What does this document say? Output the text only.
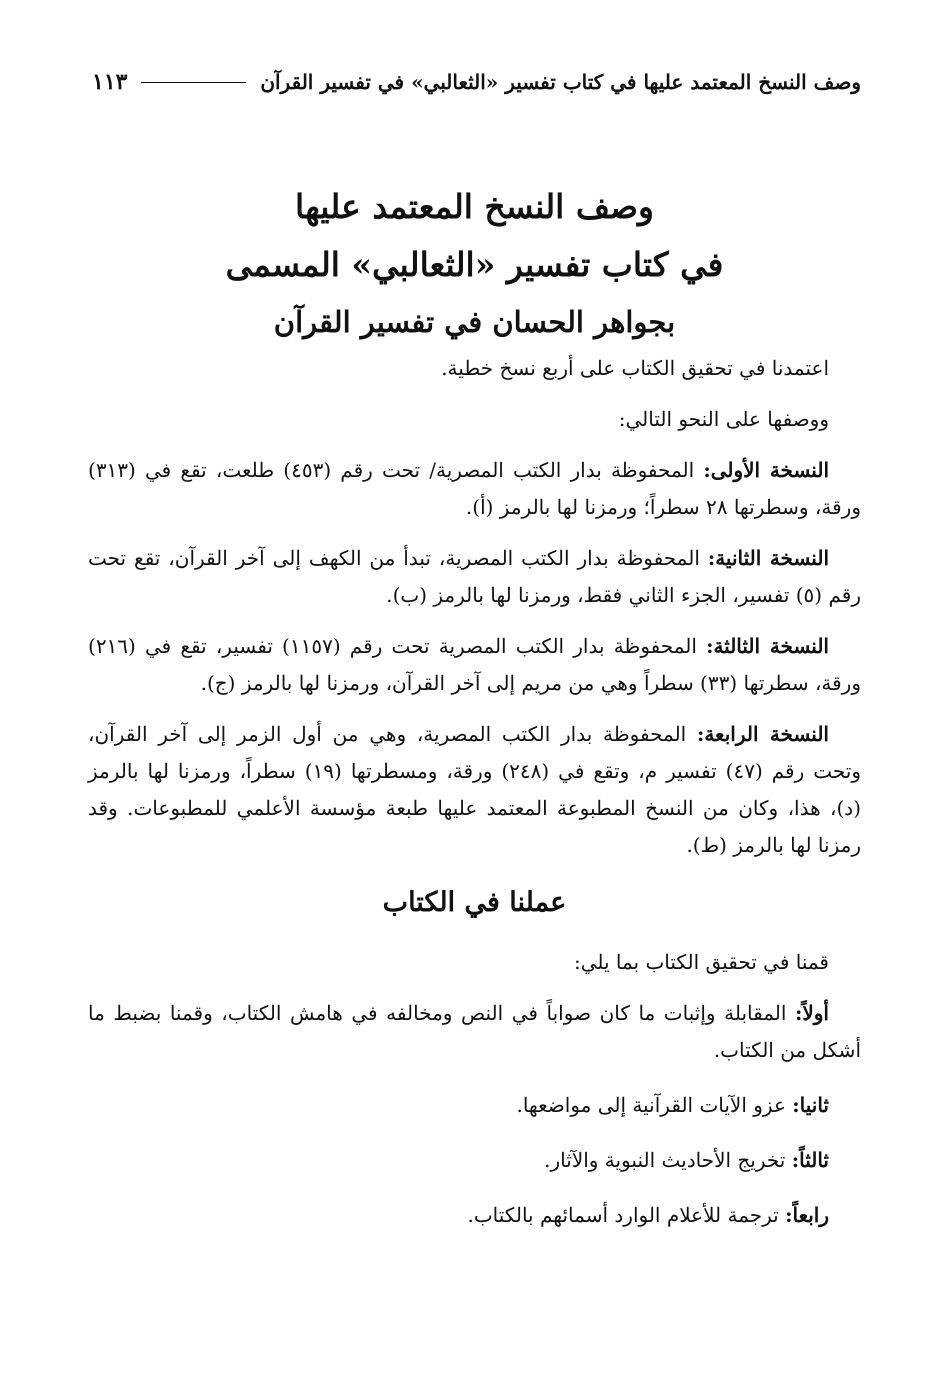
وصف النسخ المعتمد عليها في كتاب تفسير «الثعالبي» في تفسير القرآن
١١٣

وصف النسخ المعتمد عليها

في كتاب تفسير «الثعالبي» المسمى

بجواهر الحسان في تفسير القرآن

اعتمدنا في تحقيق الكتاب على أربع نسخ خطية.

ووصفها على النحو التالي:

النسخة الأولى: المحفوظة بدار الكتب المصرية/ تحت رقم (٤٥٣) طلعت، تقع في (٣١٣) ورقة، وسطرتها ٢٨ سطراً؛ ورمزنا لها بالرمز (أ).

النسخة الثانية: المحفوظة بدار الكتب المصرية، تبدأ من الكهف إلى آخر القرآن، تقع تحت رقم (٥) تفسير، الجزء الثاني فقط، ورمزنا لها بالرمز (ب).

النسخة الثالثة: المحفوظة بدار الكتب المصرية تحت رقم (١١٥٧) تفسير، تقع في (٢١٦) ورقة، سطرتها (٣٣) سطراً وهي من مريم إلى آخر القرآن، ورمزنا لها بالرمز (ج).

النسخة الرابعة: المحفوظة بدار الكتب المصرية، وهي من أول الزمر إلى آخر القرآن، وتحت رقم (٤٧) تفسير م، وتقع في (٢٤٨) ورقة، ومسطرتها (١٩) سطراً، ورمزنا لها بالرمز (د)، هذا، وكان من النسخ المطبوعة المعتمد عليها طبعة مؤسسة الأعلمي للمطبوعات. وقد رمزنا لها بالرمز (ط).

عملنا في الكتاب

قمنا في تحقيق الكتاب بما يلي:

أولاً: المقابلة وإثبات ما كان صواباً في النص ومخالفه في هامش الكتاب، وقمنا بضبط ما أشكل من الكتاب.

ثانيا: عزو الآيات القرآنية إلى مواضعها.

ثالثاً: تخريج الأحاديث النبوية والآثار.

رابعاً: ترجمة للأعلام الوارد أسمائهم بالكتاب.
